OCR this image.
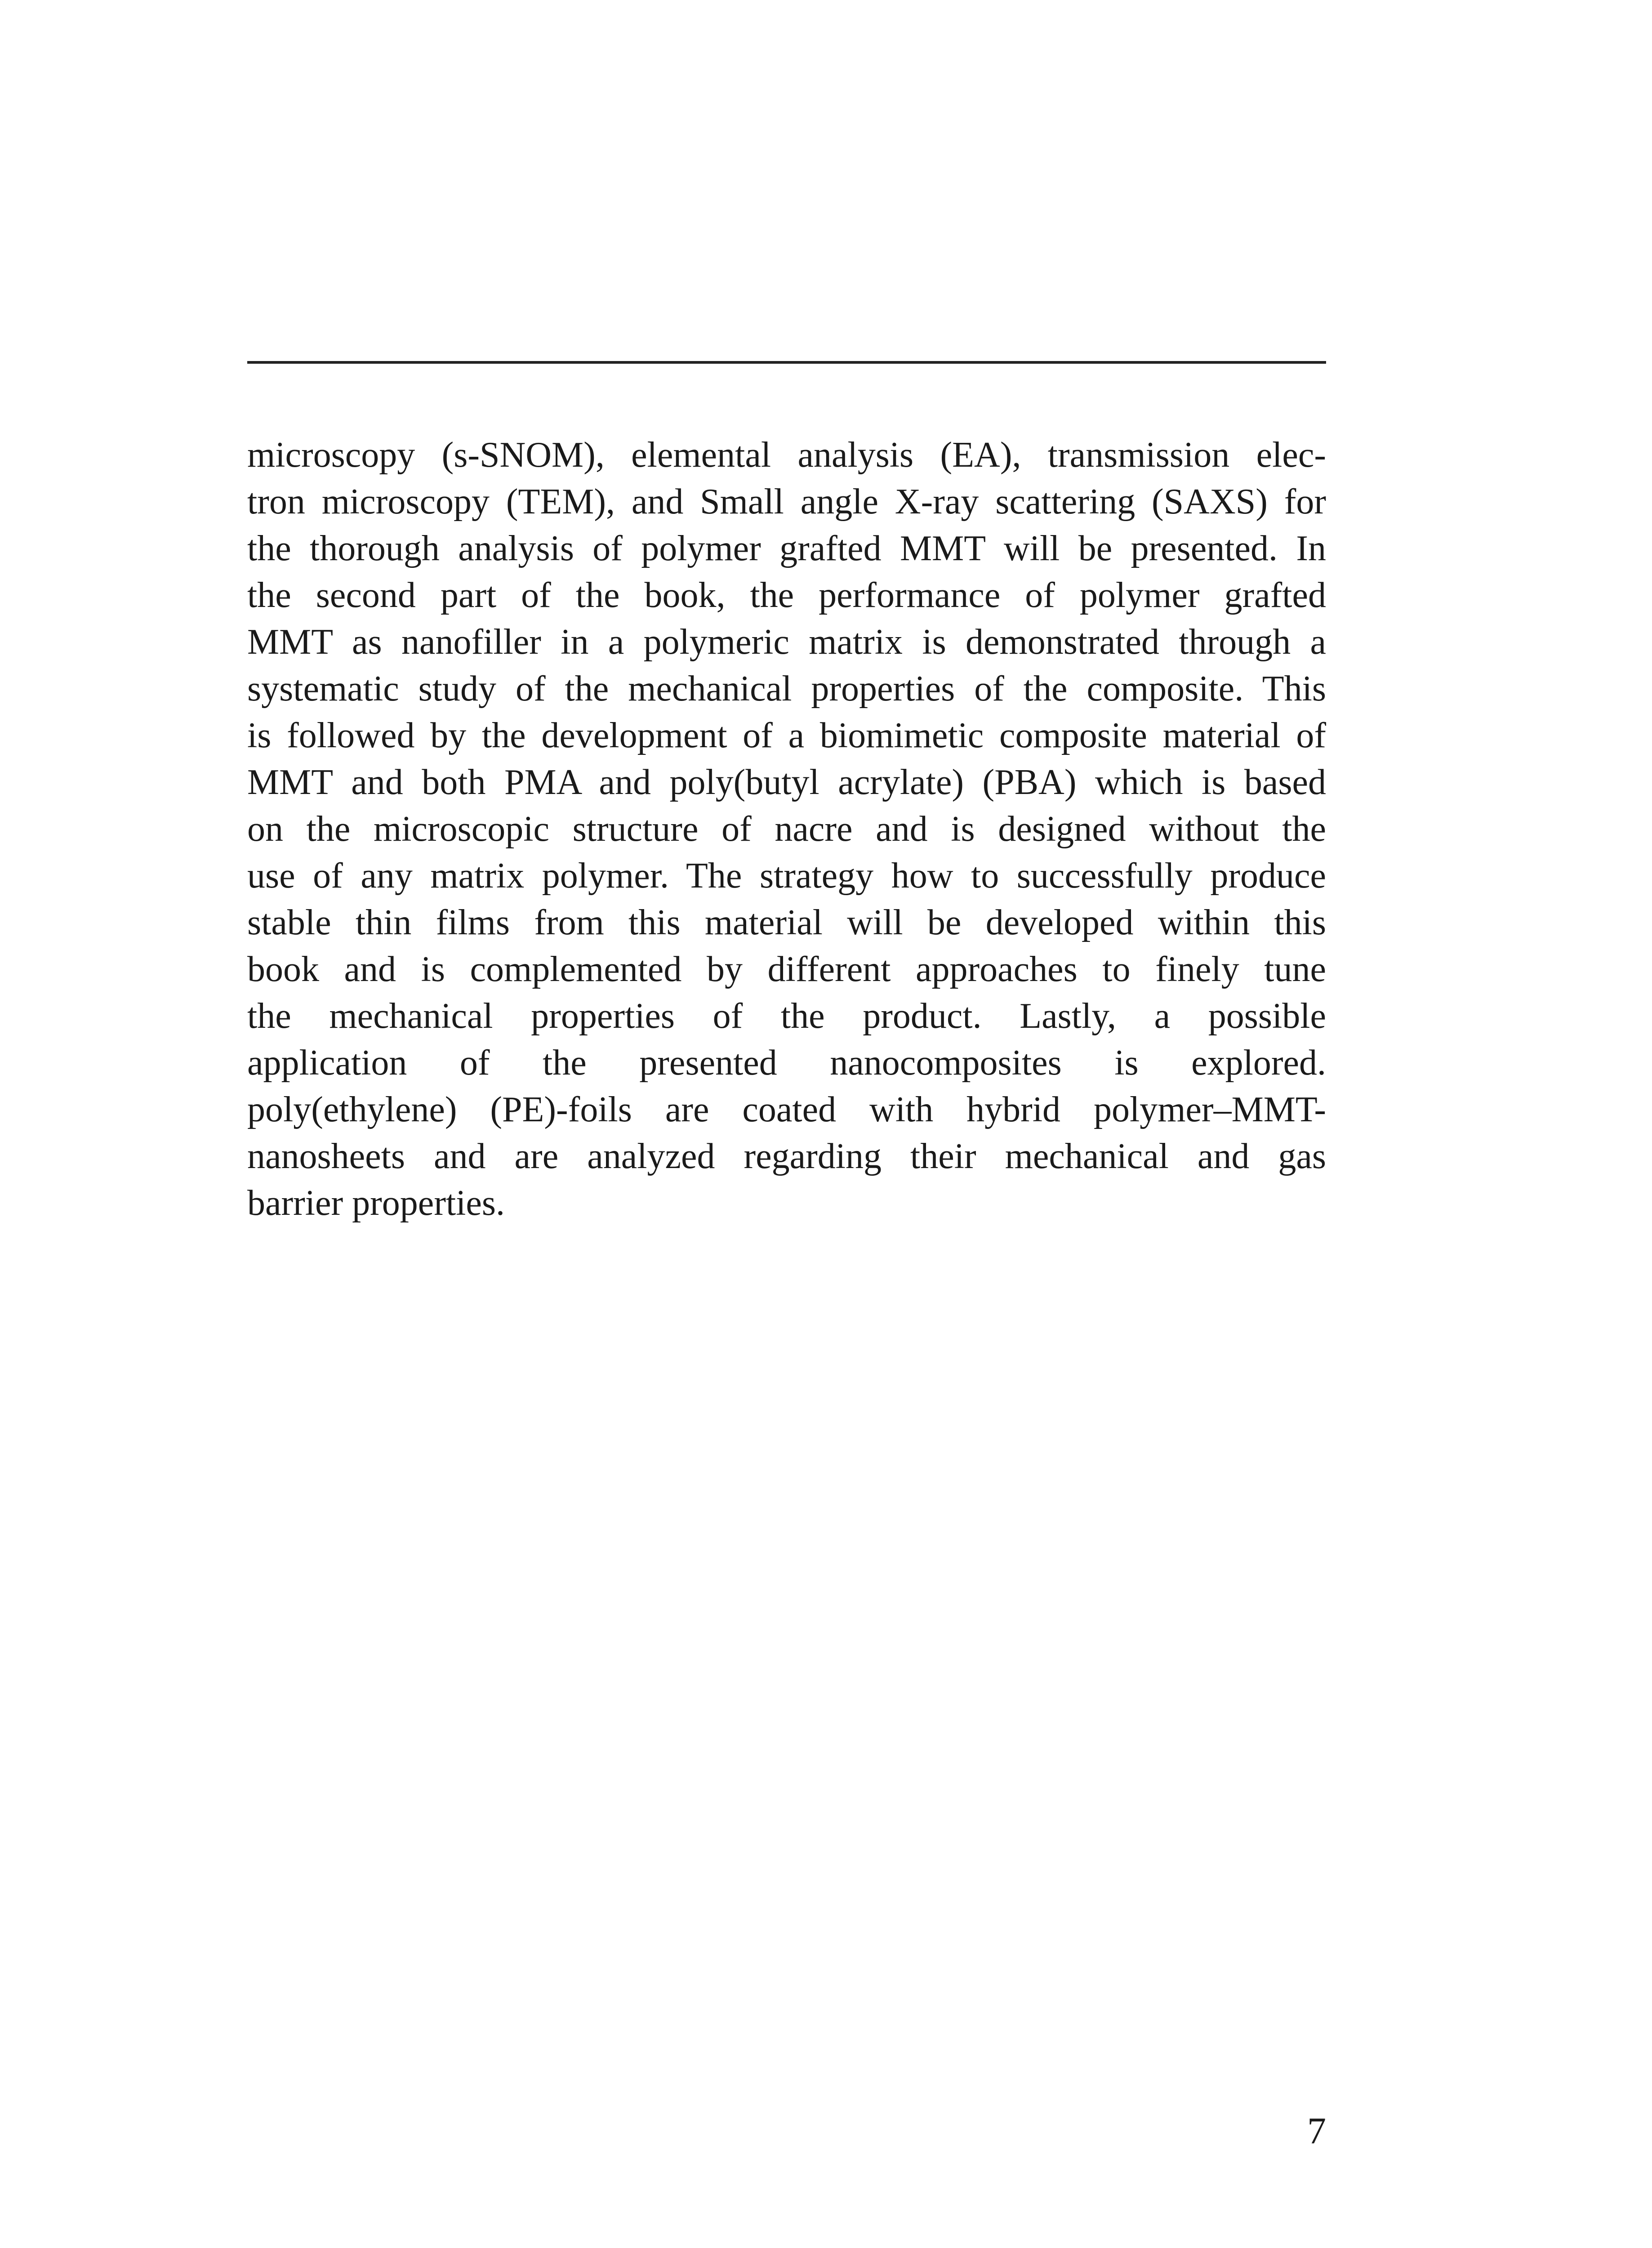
microscopy (s-SNOM), elemental analysis (EA), transmission elec-
tron microscopy (TEM), and Small angle X-ray scattering (SAXS) for
the thorough analysis of polymer grafted MMT will be presented. In
the second part of the book, the performance of polymer grafted
MMT as nanofiller in a polymeric matrix is demonstrated through a
systematic study of the mechanical properties of the composite. This
is followed by the development of a biomimetic composite material of
MMT and both PMA and poly(butyl acrylate) (PBA) which is based
on the microscopic structure of nacre and is designed without the
use of any matrix polymer. The strategy how to successfully produce
stable thin films from this material will be developed within this
book and is complemented by different approaches to finely tune
the mechanical properties of the product. Lastly, a possible
application of the presented nanocomposites is explored.
poly(ethylene) (PE)-foils are coated with hybrid polymer–MMT-
nanosheets and are analyzed regarding their mechanical and gas
barrier properties.
7
